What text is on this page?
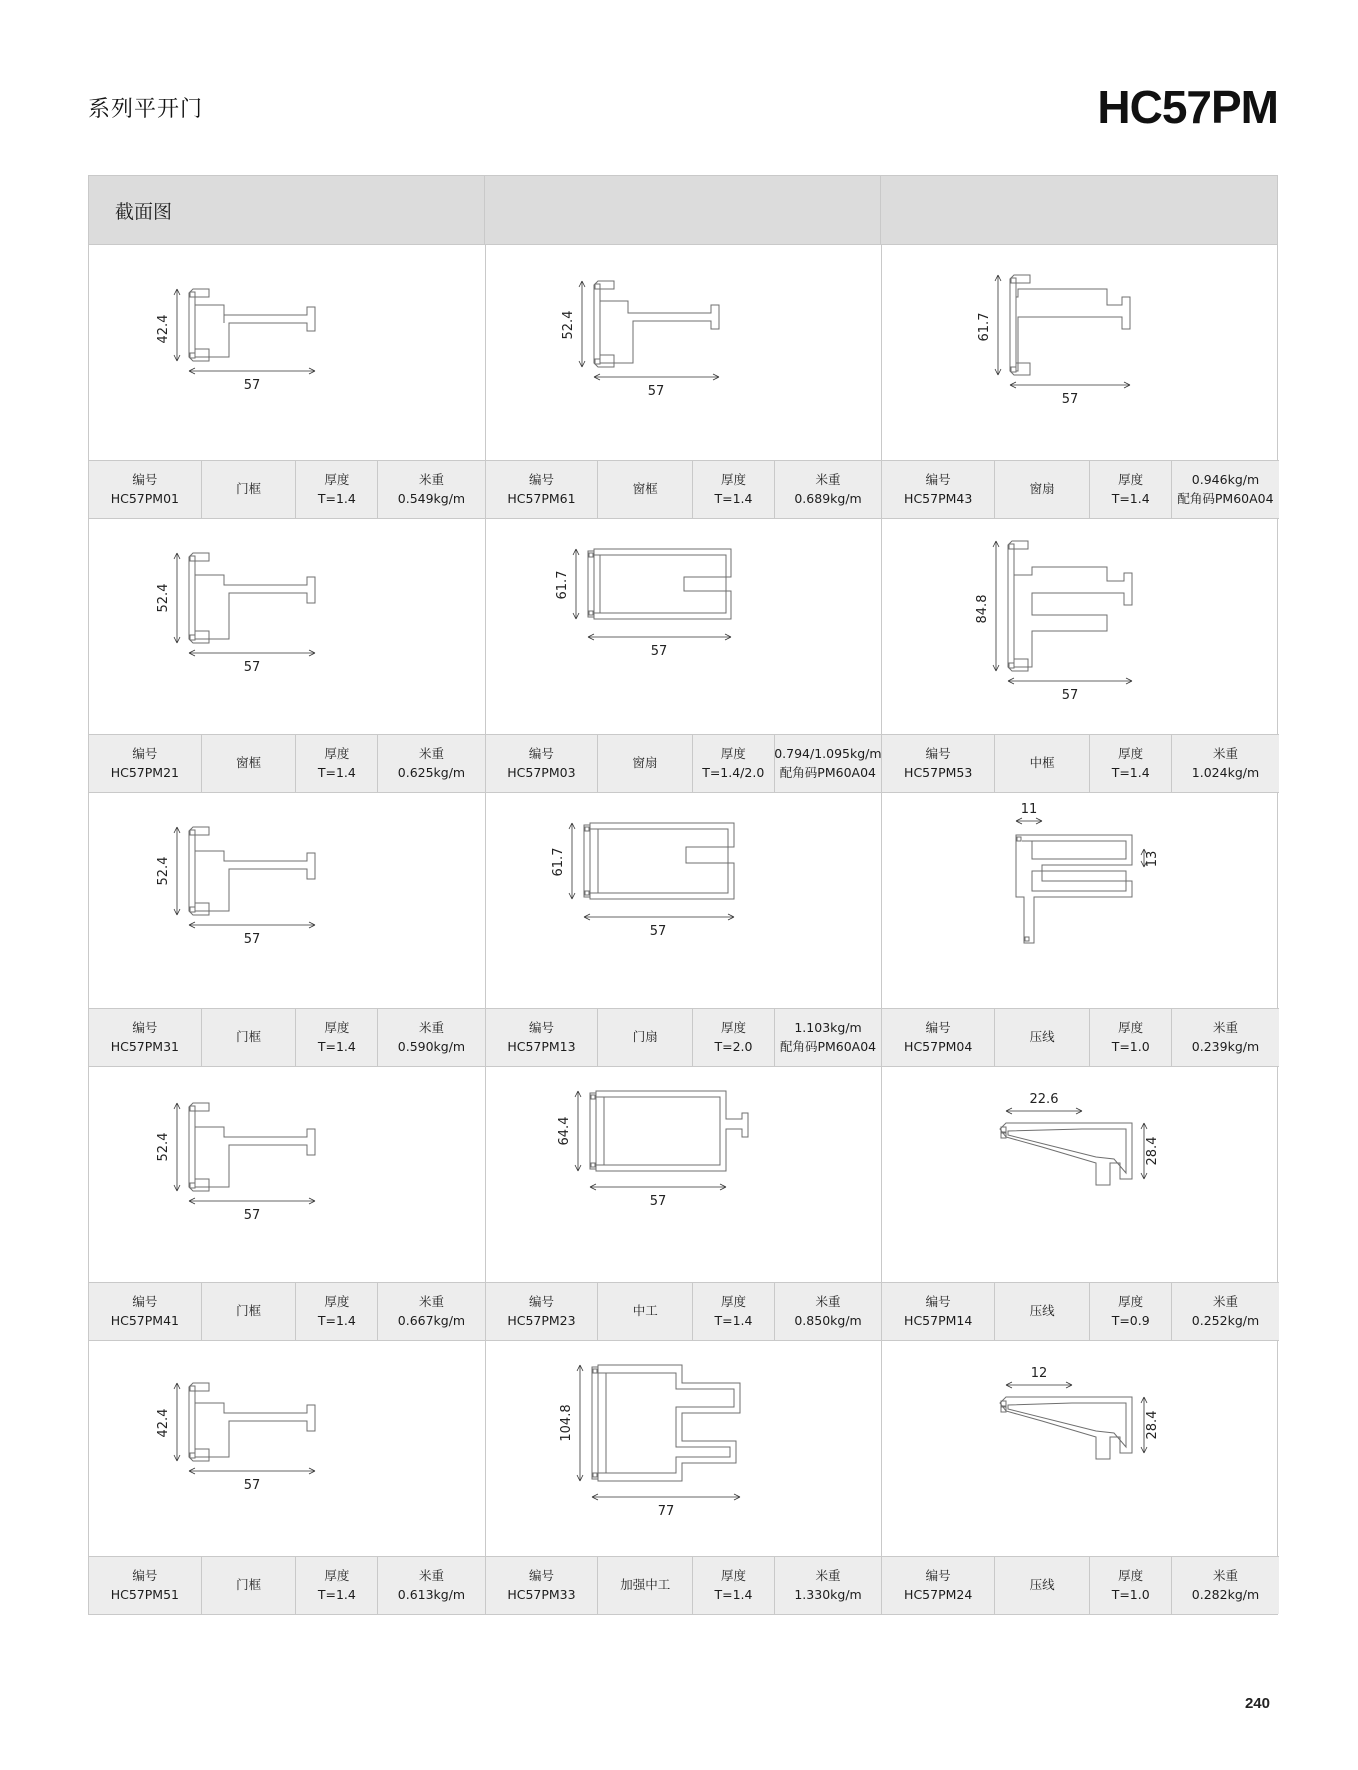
系列平开门	HC57PM
截面图
42.4
57
编号
HC57PM01
门框
厚度
T=1.4
米重
0.549kg/m
52.4
57
编号
HC57PM61
窗框
厚度
T=1.4
米重
0.689kg/m
61.7
57
编号
HC57PM43
窗扇
厚度
T=1.4
0.946kg/m
配角码PM60A04
52.4
57
编号
HC57PM21
窗框
厚度
T=1.4
米重
0.625kg/m
61.7
57
编号
HC57PM03
窗扇
厚度
T=1.4/2.0
0.794/1.095kg/m
配角码PM60A04
84.8
57
编号
HC57PM53
中框
厚度
T=1.4
米重
1.024kg/m
52.4
57
编号
HC57PM31
门框
厚度
T=1.4
米重
0.590kg/m
61.7
57
编号
HC57PM13
门扇
厚度
T=2.0
1.103kg/m
配角码PM60A04
11
13
编号
HC57PM04
压线
厚度
T=1.0
米重
0.239kg/m
52.4
57
编号
HC57PM41
门框
厚度
T=1.4
米重
0.667kg/m
64.4
57
编号
HC57PM23
中工
厚度
T=1.4
米重
0.850kg/m
22.6
28.4
编号
HC57PM14
压线
厚度
T=0.9
米重
0.252kg/m
42.4
57
编号
HC57PM51
门框
厚度
T=1.4
米重
0.613kg/m
104.8
77
编号
HC57PM33
加强中工
厚度
T=1.4
米重
1.330kg/m
12
28.4
编号
HC57PM24
压线
厚度
T=1.0
米重
0.282kg/m
240
